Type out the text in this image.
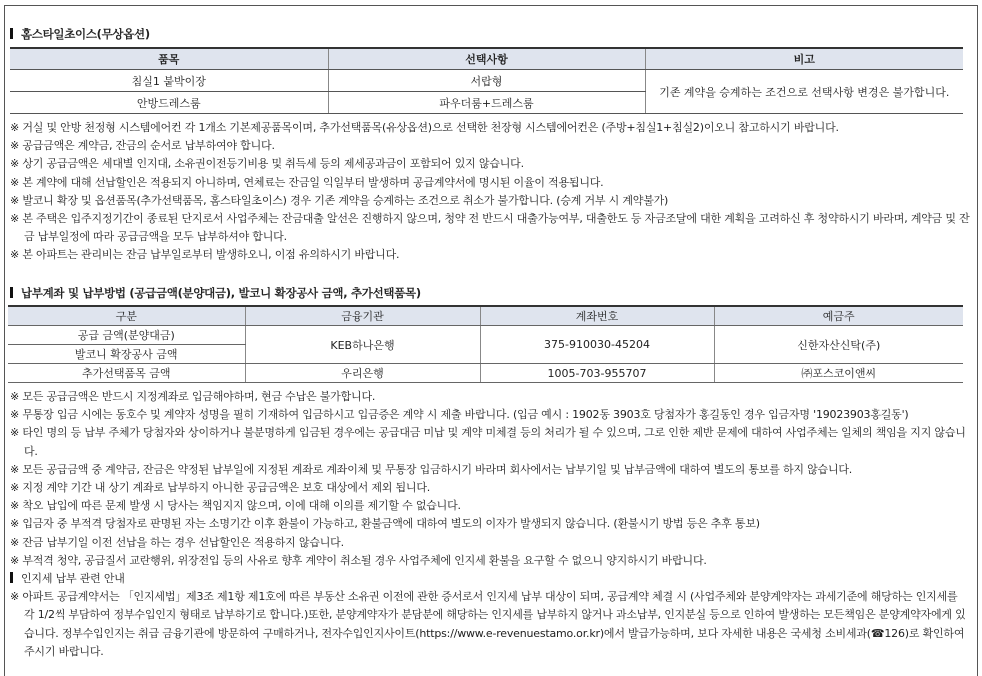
홈스타일초이스(무상옵션)
품목	선택사항	비고
침실1 붙박이장	서랍형	기존 계약을 승계하는 조건으로 선택사항 변경은 불가합니다.
안방드레스룸	파우더룸+드레스룸	
※ 거실 및 안방 천정형 시스템에어컨 각 1개소 기본제공품목이며, 추가선택품목(유상옵션)으로 선택한 천장형 시스템에어컨은 (주방+침실1+침실2)이오니 참고하시기 바랍니다.
※ 공급금액은 계약금, 잔금의 순서로 납부하여야 합니다.
※ 상기 공급금액은 세대별 인지대, 소유권이전등기비용 및 취득세 등의 제세공과금이 포함되어 있지 않습니다.
※ 본 계약에 대해 선납할인은 적용되지 아니하며, 연체료는 잔금일 익일부터 발생하며 공급계약서에 명시된 이율이 적용됩니다.
※ 발코니 확장 및 옵션품목(추가선택품목, 홈스타일초이스) 경우 기존 계약을 승계하는 조건으로 취소가 불가합니다. (승계 거부 시 계약불가)
※ 본 주택은 입주지정기간이 종료된 단지로서 사업주체는 잔금대출 알선은 진행하지 않으며, 청약 전 반드시 대출가능여부, 대출한도 등 자금조달에 대한 계획을 고려하신 후 청약하시기 바라며, 계약금 및 잔금 납부일정에 따라 공급금액을 모두 납부하셔야 합니다.
※ 본 아파트는 관리비는 잔금 납부일로부터 발생하오니, 이점 유의하시기 바랍니다.
납부계좌 및 납부방법 (공급금액(분양대금), 발코니 확장공사 금액, 추가선택품목)
구분	금융기관	계좌번호	예금주
공급 금액(분양대금)	KEB하나은행	375-910030-45204	신한자산신탁(주)
발코니 확장공사 금액			
추가선택품목 금액	우리은행	1005-703-955707	㈜포스코이앤씨
※ 모든 공급금액은 반드시 지정계좌로 입금해야하며, 현금 수납은 불가합니다.
※ 무통장 입금 시에는 동호수 및 계약자 성명을 필히 기재하여 입금하시고 입금증은 계약 시 제출 바랍니다. (입금 예시 : 1902동 3903호 당첨자가 홍길동인 경우 입금자명 '19023903홍길동')
※ 타인 명의 등 납부 주체가 당첨자와 상이하거나 불분명하게 입금된 경우에는 공급대금 미납 및 계약 미체결 등의 처리가 될 수 있으며, 그로 인한 제반 문제에 대하여 사업주체는 일체의 책임을 지지 않습니다.
※ 모든 공급금액 중 계약금, 잔금은 약정된 납부일에 지정된 계좌로 계좌이체 및 무통장 입금하시기 바라며 회사에서는 납부기일 및 납부금액에 대하여 별도의 통보를 하지 않습니다.
※ 지정 계약 기간 내 상기 계좌로 납부하지 아니한 공급금액은 보호 대상에서 제외 됩니다.
※ 착오 납입에 따른 문제 발생 시 당사는 책임지지 않으며, 이에 대해 이의를 제기할 수 없습니다.
※ 입금자 중 부적격 당첨자로 판명된 자는 소명기간 이후 환불이 가능하고, 환불금액에 대하여 별도의 이자가 발생되지 않습니다. (환불시기 방법 등은 추후 통보)
※ 잔금 납부기일 이전 선납을 하는 경우 선납할인은 적용하지 않습니다.
※ 부적격 청약, 공급질서 교란행위, 위장전입 등의 사유로 향후 계약이 취소될 경우 사업주체에 인지세 환불을 요구할 수 없으니 양지하시기 바랍니다.
인지세 납부 관련 안내
※ 아파트 공급계약서는 「인지세법」제3조 제1항 제1호에 따른 부동산 소유권 이전에 관한 증서로서 인지세 납부 대상이 되며, 공급계약 체결 시 (사업주체와 분양계약자는 과세기준에 해당하는 인지세를 각 1/2씩 부담하여 정부수입인지 형태로 납부하기로 합니다.)또한, 분양계약자가 분담분에 해당하는 인지세를 납부하지 않거나 과소납부, 인지분실 등으로 인하여 발생하는 모든책임은 분양계약자에게 있습니다. 정부수입인지는 취급 금융기관에 방문하여 구매하거나, 전자수입인지사이트(https://www.e-revenuestamo.or.kr)에서 발급가능하며, 보다 자세한 내용은 국세청 소비세과(☎126)로 확인하여 주시기 바랍니다.
